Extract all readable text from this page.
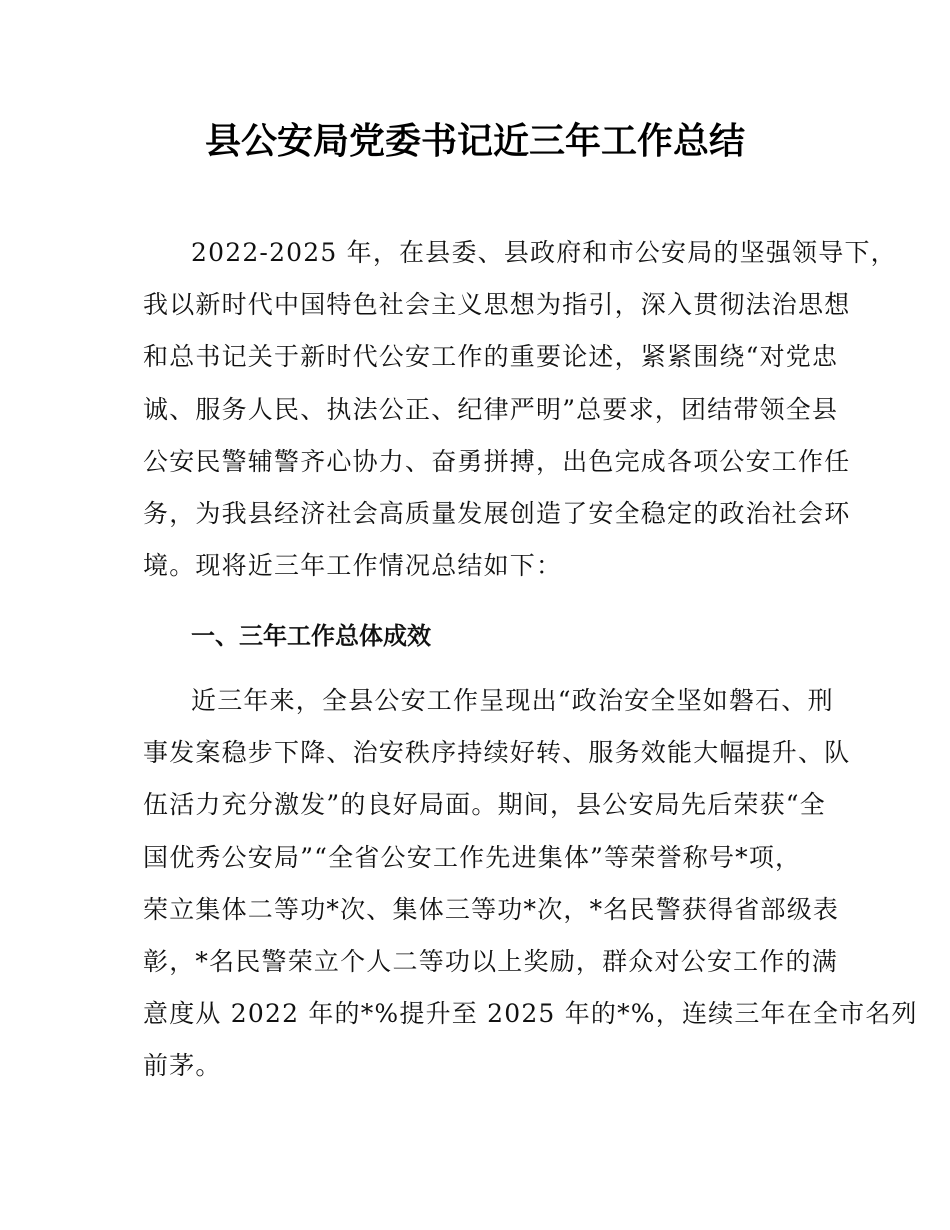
县公安局党委书记近三年工作总结
2022-2025 年，在县委、县政府和市公安局的坚强领导下，
我以新时代中国特色社会主义思想为指引，深入贯彻法治思想
和总书记关于新时代公安工作的重要论述，紧紧围绕“对党忠
诚、服务人民、执法公正、纪律严明”总要求，团结带领全县
公安民警辅警齐心协力、奋勇拼搏，出色完成各项公安工作任
务，为我县经济社会高质量发展创造了安全稳定的政治社会环
境。现将近三年工作情况总结如下：
一、三年工作总体成效
近三年来，全县公安工作呈现出“政治安全坚如磐石、刑
事发案稳步下降、治安秩序持续好转、服务效能大幅提升、队
伍活力充分激发”的良好局面。期间，县公安局先后荣获“全
国优秀公安局”“全省公安工作先进集体”等荣誉称号*项，
荣立集体二等功*次、集体三等功*次，*名民警获得省部级表
彰，*名民警荣立个人二等功以上奖励，群众对公安工作的满
意度从 2022 年的*%提升至 2025 年的*%，连续三年在全市名列
前茅。
